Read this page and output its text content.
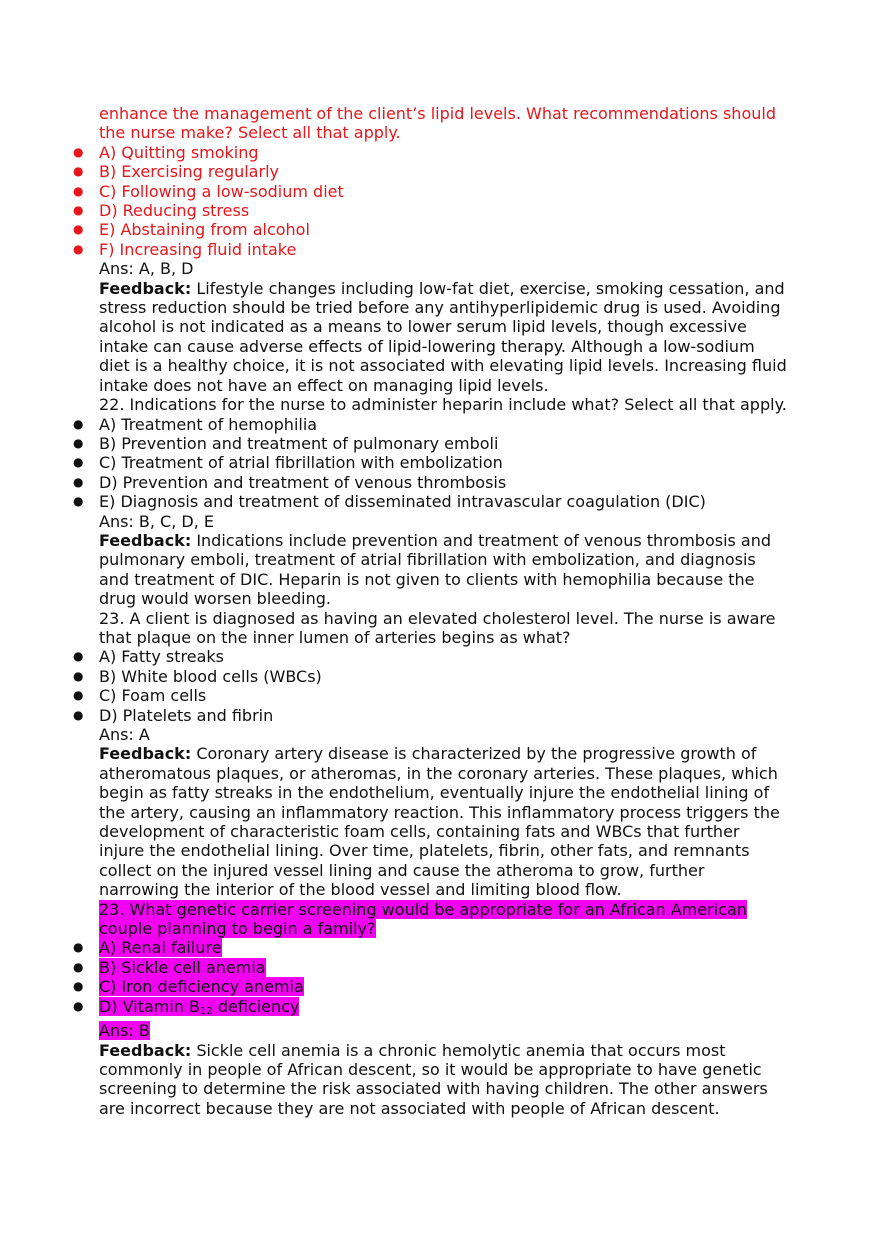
enhance the management of the client’s lipid levels. What recommendations should the nurse make? Select all that apply.

● A) Quitting smoking
● B) Exercising regularly
● C) Following a low-sodium diet
● D) Reducing stress
● E) Abstaining from alcohol
● F) Increasing fluid intake

Ans: A, B, D

Feedback: Lifestyle changes including low-fat diet, exercise, smoking cessation, and stress reduction should be tried before any antihyperlipidemic drug is used. Avoiding alcohol is not indicated as a means to lower serum lipid levels, though excessive intake can cause adverse effects of lipid-lowering therapy. Although a low-sodium diet is a healthy choice, it is not associated with elevating lipid levels. Increasing fluid intake does not have an effect on managing lipid levels.

22. Indications for the nurse to administer heparin include what? Select all that apply.

● A) Treatment of hemophilia
● B) Prevention and treatment of pulmonary emboli
● C) Treatment of atrial fibrillation with embolization
● D) Prevention and treatment of venous thrombosis
● E) Diagnosis and treatment of disseminated intravascular coagulation (DIC)

Ans: B, C, D, E

Feedback: Indications include prevention and treatment of venous thrombosis and pulmonary emboli, treatment of atrial fibrillation with embolization, and diagnosis and treatment of DIC. Heparin is not given to clients with hemophilia because the drug would worsen bleeding.

23. A client is diagnosed as having an elevated cholesterol level. The nurse is aware that plaque on the inner lumen of arteries begins as what?

● A) Fatty streaks
● B) White blood cells (WBCs)
● C) Foam cells
● D) Platelets and fibrin

Ans: A

Feedback: Coronary artery disease is characterized by the progressive growth of atheromatous plaques, or atheromas, in the coronary arteries. These plaques, which begin as fatty streaks in the endothelium, eventually injure the endothelial lining of the artery, causing an inflammatory reaction. This inflammatory process triggers the development of characteristic foam cells, containing fats and WBCs that further injure the endothelial lining. Over time, platelets, fibrin, other fats, and remnants collect on the injured vessel lining and cause the atheroma to grow, further narrowing the interior of the blood vessel and limiting blood flow.

23. What genetic carrier screening would be appropriate for an African American couple planning to begin a family?

● A) Renal failure
● B) Sickle cell anemia
● C) Iron deficiency anemia
● D) Vitamin $B_{12}$ deficiency

Ans: B

Feedback: Sickle cell anemia is a chronic hemolytic anemia that occurs most commonly in people of African descent, so it would be appropriate to have genetic screening to determine the risk associated with having children. The other answers are incorrect because they are not associated with people of African descent.
